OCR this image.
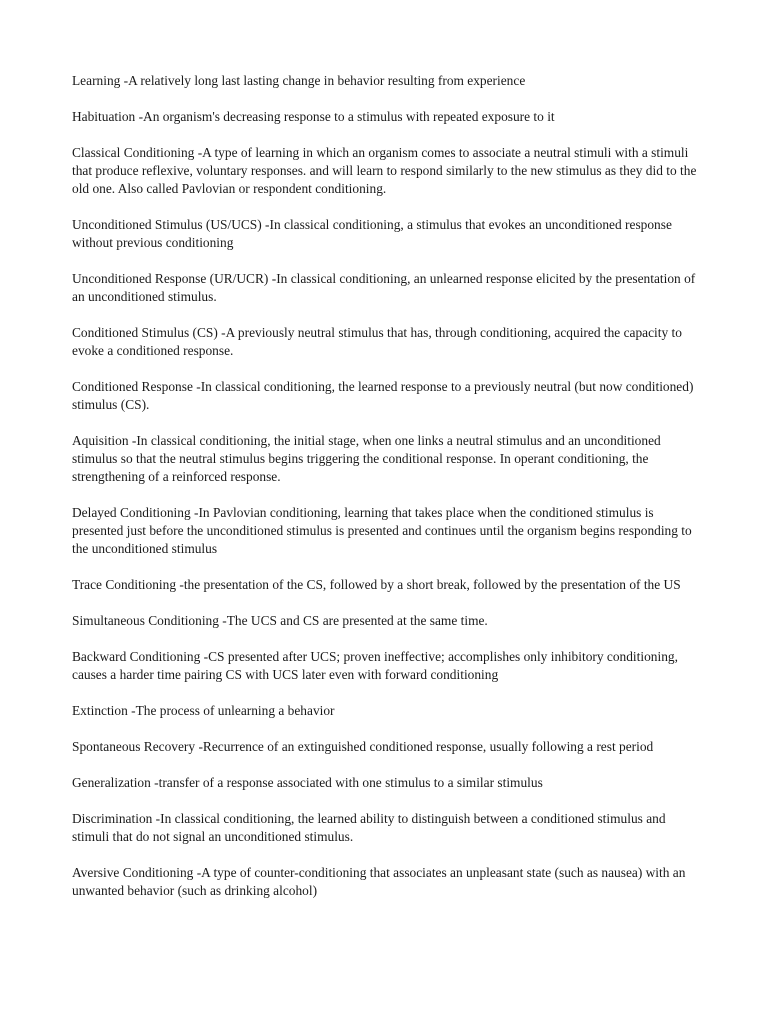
Learning -A relatively long last lasting change in behavior resulting from experience
Habituation -An organism's decreasing response to a stimulus with repeated exposure to it
Classical Conditioning -A type of learning in which an organism comes to associate a neutral stimuli with a stimuli that produce reflexive, voluntary responses. and will learn to respond similarly to the new stimulus as they did to the old one. Also called Pavlovian or respondent conditioning.
Unconditioned Stimulus (US/UCS) -In classical conditioning, a stimulus that evokes an unconditioned response without previous conditioning
Unconditioned Response (UR/UCR) -In classical conditioning, an unlearned response elicited by the presentation of an unconditioned stimulus.
Conditioned Stimulus (CS) -A previously neutral stimulus that has, through conditioning, acquired the capacity to evoke a conditioned response.
Conditioned Response -In classical conditioning, the learned response to a previously neutral (but now conditioned) stimulus (CS).
Aquisition -In classical conditioning, the initial stage, when one links a neutral stimulus and an unconditioned stimulus so that the neutral stimulus begins triggering the conditional response. In operant conditioning, the strengthening of a reinforced response.
Delayed Conditioning -In Pavlovian conditioning, learning that takes place when the conditioned stimulus is presented just before the unconditioned stimulus is presented and continues until the organism begins responding to the unconditioned stimulus
Trace Conditioning -the presentation of the CS, followed by a short break, followed by the presentation of the US
Simultaneous Conditioning -The UCS and CS are presented at the same time.
Backward Conditioning -CS presented after UCS; proven ineffective; accomplishes only inhibitory conditioning, causes a harder time pairing CS with UCS later even with forward conditioning
Extinction -The process of unlearning a behavior
Spontaneous Recovery -Recurrence of an extinguished conditioned response, usually following a rest period
Generalization -transfer of a response associated with one stimulus to a similar stimulus
Discrimination -In classical conditioning, the learned ability to distinguish between a conditioned stimulus and stimuli that do not signal an unconditioned stimulus.
Aversive Conditioning -A type of counter-conditioning that associates an unpleasant state (such as nausea) with an unwanted behavior (such as drinking alcohol)
